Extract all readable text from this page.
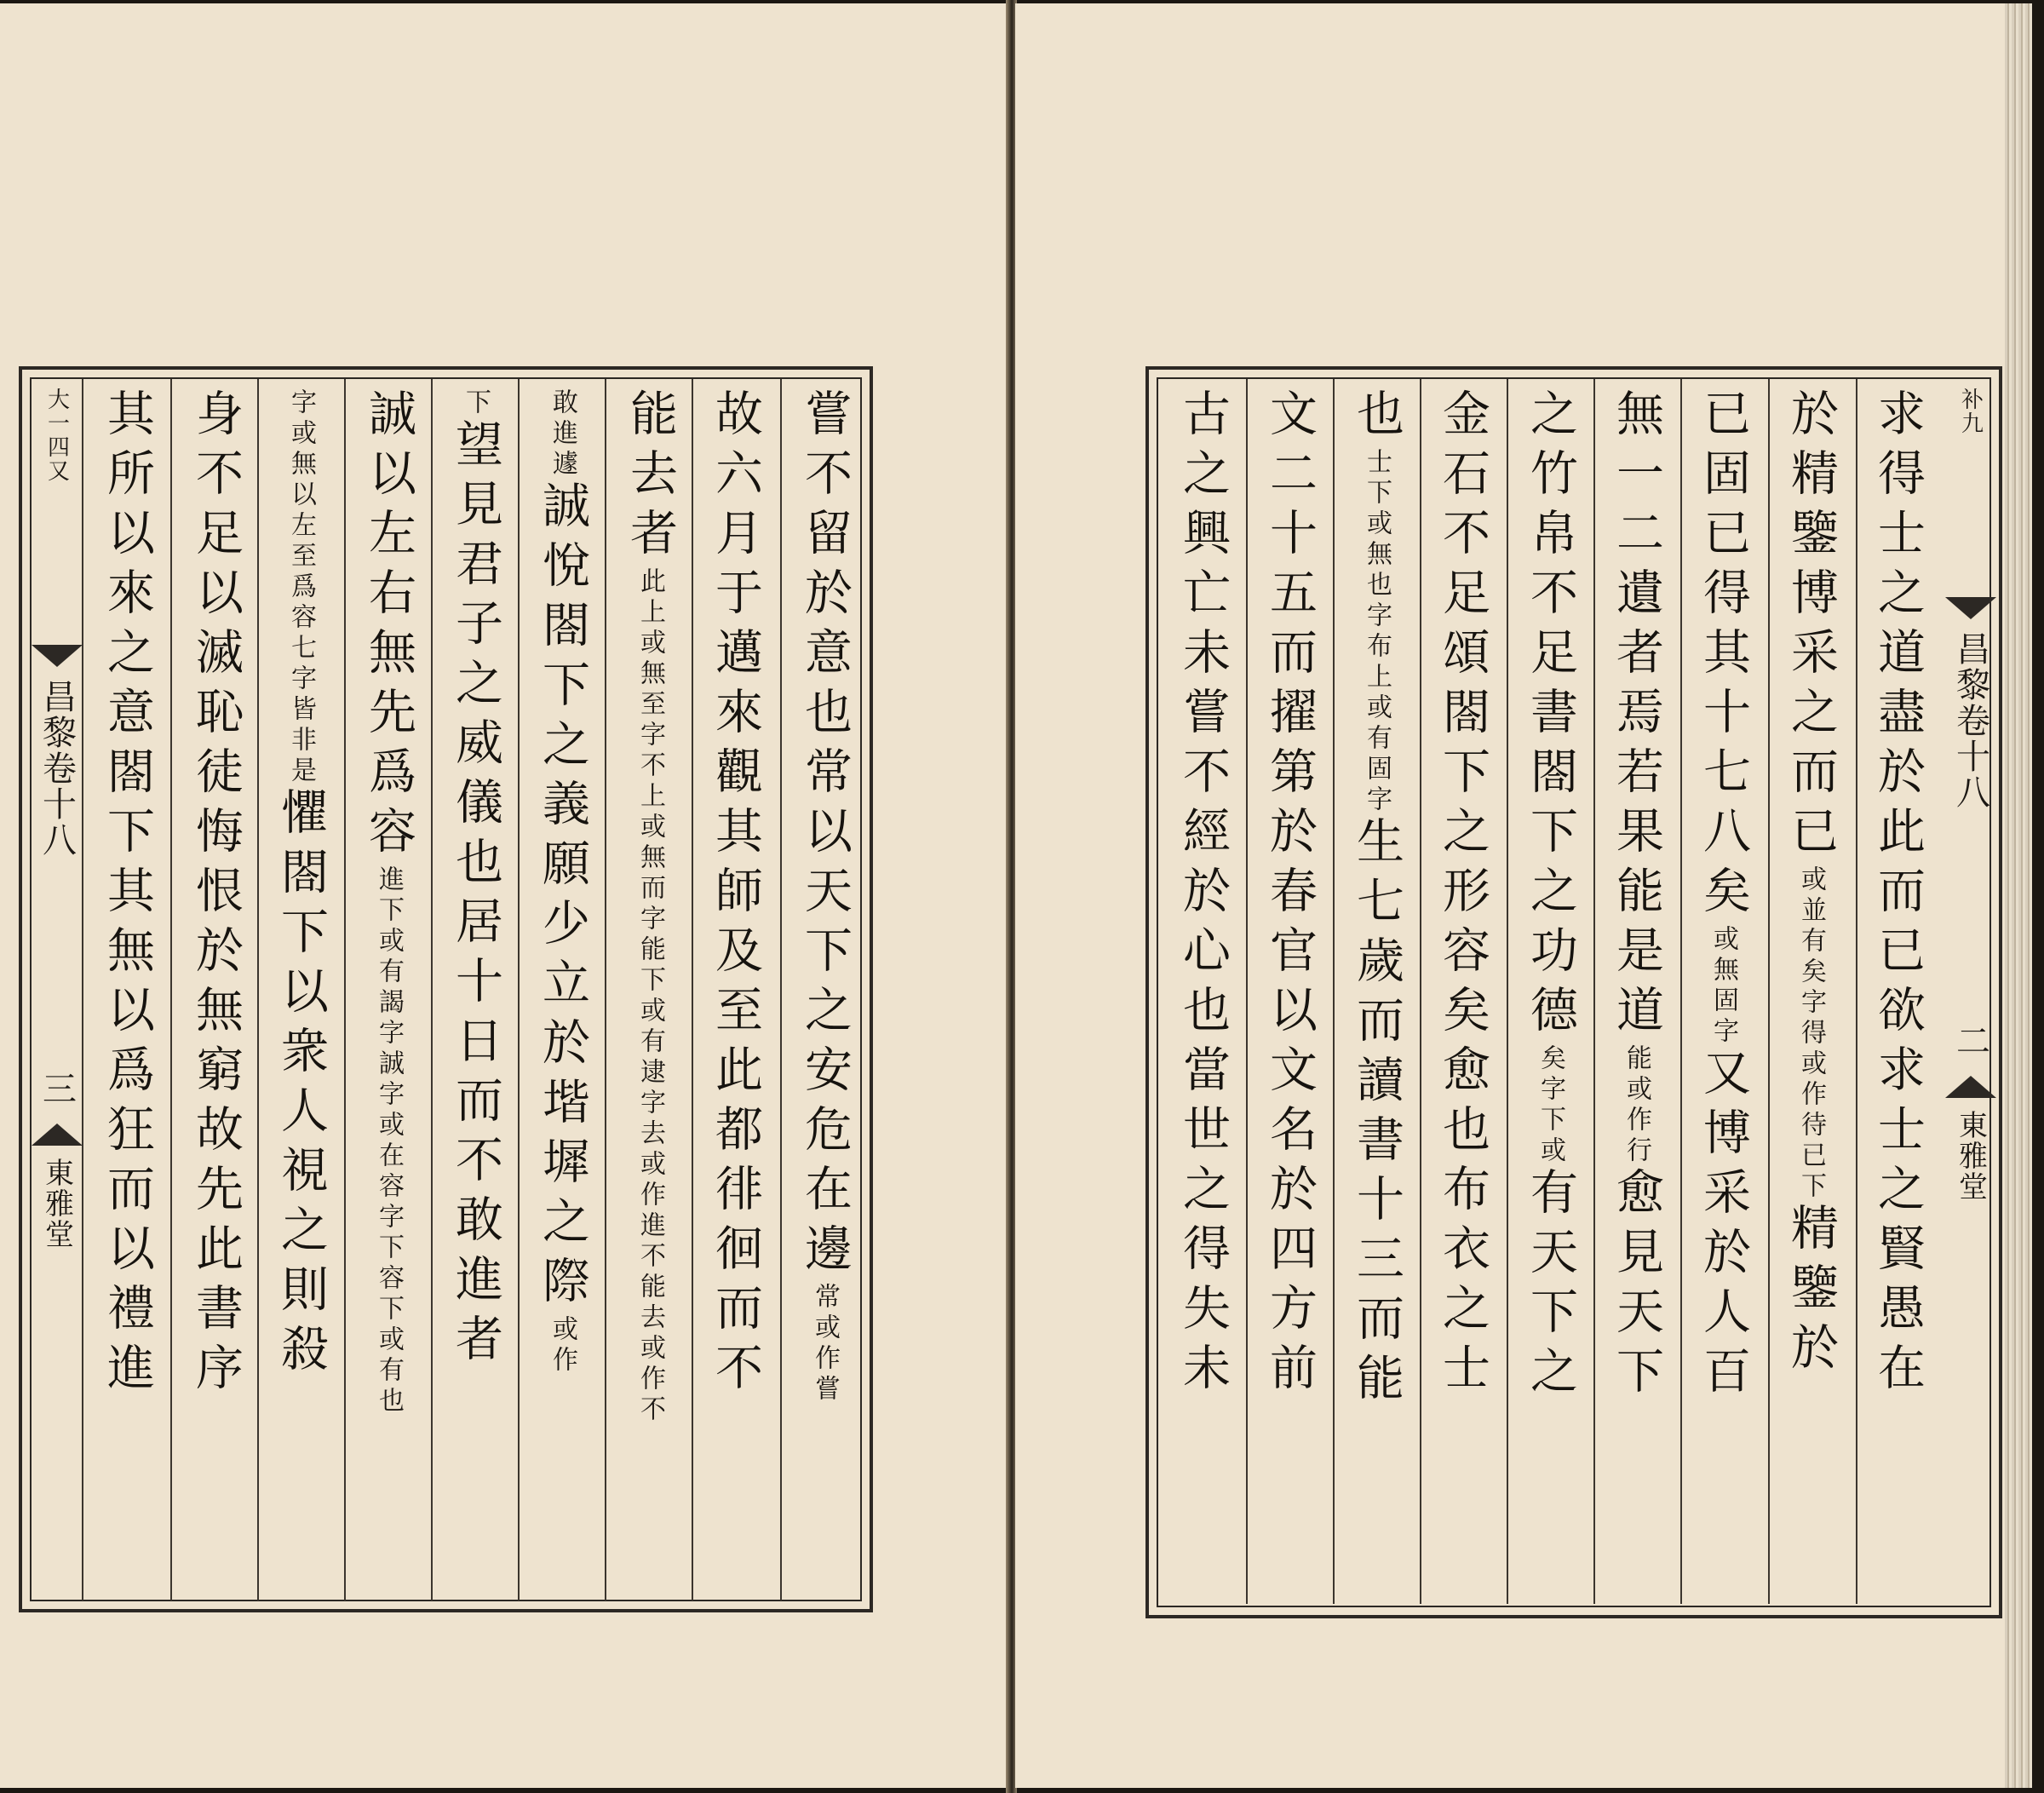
嘗不留於意也常以天下之安危在邊
常或作嘗
故六月于邁來觀其師及至此都徘徊而不
能去者
此上或無至字不上或無而字能下或有逮字去或作進不能去或作不
敢進遽
誠悅閤下之義願少立於堦墀之際
或作
下
望見君子之威儀也居十日而不敢進者
誠以左右無先爲容
進下或有謁字誠字或在容字下容下或有也
字或無以左至爲容七字皆非是
懼閤下以衆人視之則殺
身不足以滅恥徒悔恨於無窮故先此書序
其所以來之意閤下其無以爲狂而以禮進
大一四又
昌黎卷十八
三
東雅堂	求得士之道盡於此而已欲求士之賢愚在
於精鑒博采之而已
或並有矣字得或作待已下
精鑒於
已固已得其十七八矣
或無固字
又博采於人百
無一二遺者焉若果能是道
能或作行
愈見天下
之竹帛不足書閤下之功德
矣字下或
有天下之
金石不足頌閤下之形容矣愈也布衣之士
也
士下或無也字布上或有固字
生七歲而讀書十三而能
文二十五而擢第於春官以文名於四方前
古之興亡未嘗不經於心也當世之得失未	补九
昌黎卷十八
二
東雅堂
